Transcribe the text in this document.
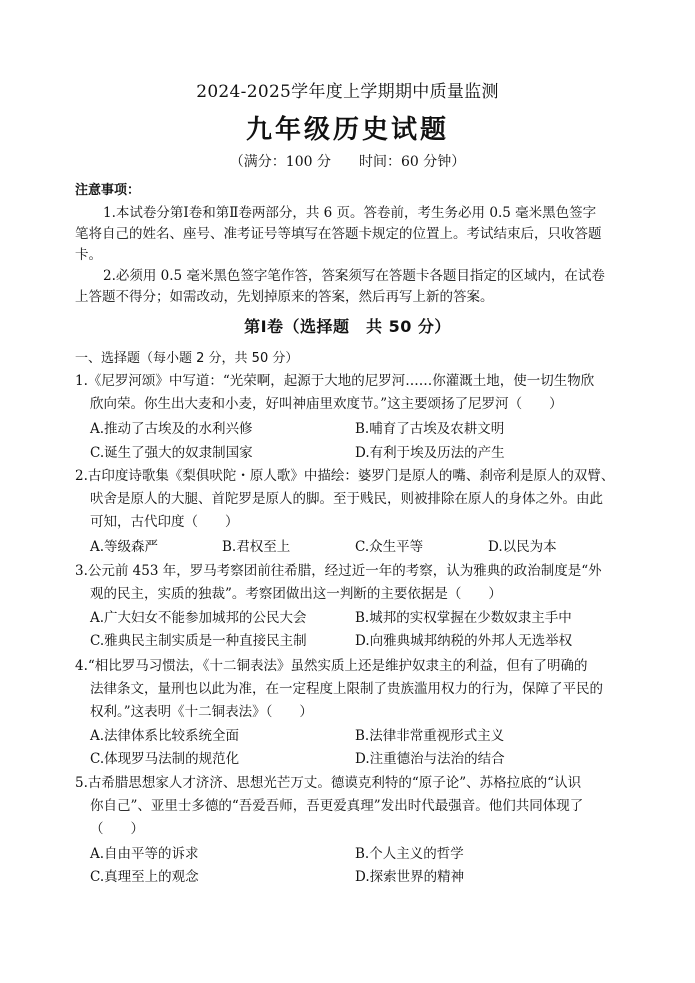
2024-2025学年度上学期期中质量监测
九年级历史试题
（满分：100 分　　时间：60 分钟）
注意事项：
1.本试卷分第Ⅰ卷和第Ⅱ卷两部分，共 6 页。答卷前，考生务必用 0.5 毫米黑色签字
笔将自己的姓名、座号、准考证号等填写在答题卡规定的位置上。考试结束后，只收答题
卡。
2.必须用 0.5 毫米黑色签字笔作答，答案须写在答题卡各题目指定的区域内，在试卷
上答题不得分；如需改动，先划掉原来的答案，然后再写上新的答案。
第Ⅰ卷（选择题　共 50 分）
一、选择题（每小题 2 分，共 50 分）
1.《尼罗河颂》中写道：“光荣啊，起源于大地的尼罗河……你灌溉土地，使一切生物欣
欣向荣。你生出大麦和小麦，好叫神庙里欢度节。”这主要颂扬了尼罗河（　　）
A.推动了古埃及的水利兴修	B.哺育了古埃及农耕文明
C.诞生了强大的奴隶制国家	D.有利于埃及历法的产生
2.古印度诗歌集《梨俱吠陀・原人歌》中描绘：婆罗门是原人的嘴、刹帝利是原人的双臂、
吠舍是原人的大腿、首陀罗是原人的脚。至于贱民，则被排除在原人的身体之外。由此
可知，古代印度（　　）
A.等级森严	B.君权至上	C.众生平等	D.以民为本
3.公元前 453 年，罗马考察团前往希腊，经过近一年的考察，认为雅典的政治制度是“外
观的民主，实质的独裁”。考察团做出这一判断的主要依据是（　　）
A.广大妇女不能参加城邦的公民大会	B.城邦的实权掌握在少数奴隶主手中
C.雅典民主制实质是一种直接民主制	D.向雅典城邦纳税的外邦人无选举权
4.“相比罗马习惯法，《十二铜表法》虽然实质上还是维护奴隶主的利益，但有了明确的
法律条文，量刑也以此为准，在一定程度上限制了贵族滥用权力的行为，保障了平民的
权利。”这表明《十二铜表法》（　　）
A.法律体系比较系统全面	B.法律非常重视形式主义
C.体现罗马法制的规范化	D.注重德治与法治的结合
5.古希腊思想家人才济济、思想光芒万丈。德谟克利特的“原子论”、苏格拉底的“认识
你自己”、亚里士多德的“吾爱吾师，吾更爱真理”发出时代最强音。他们共同体现了
（　　）
A.自由平等的诉求	B.个人主义的哲学
C.真理至上的观念	D.探索世界的精神
